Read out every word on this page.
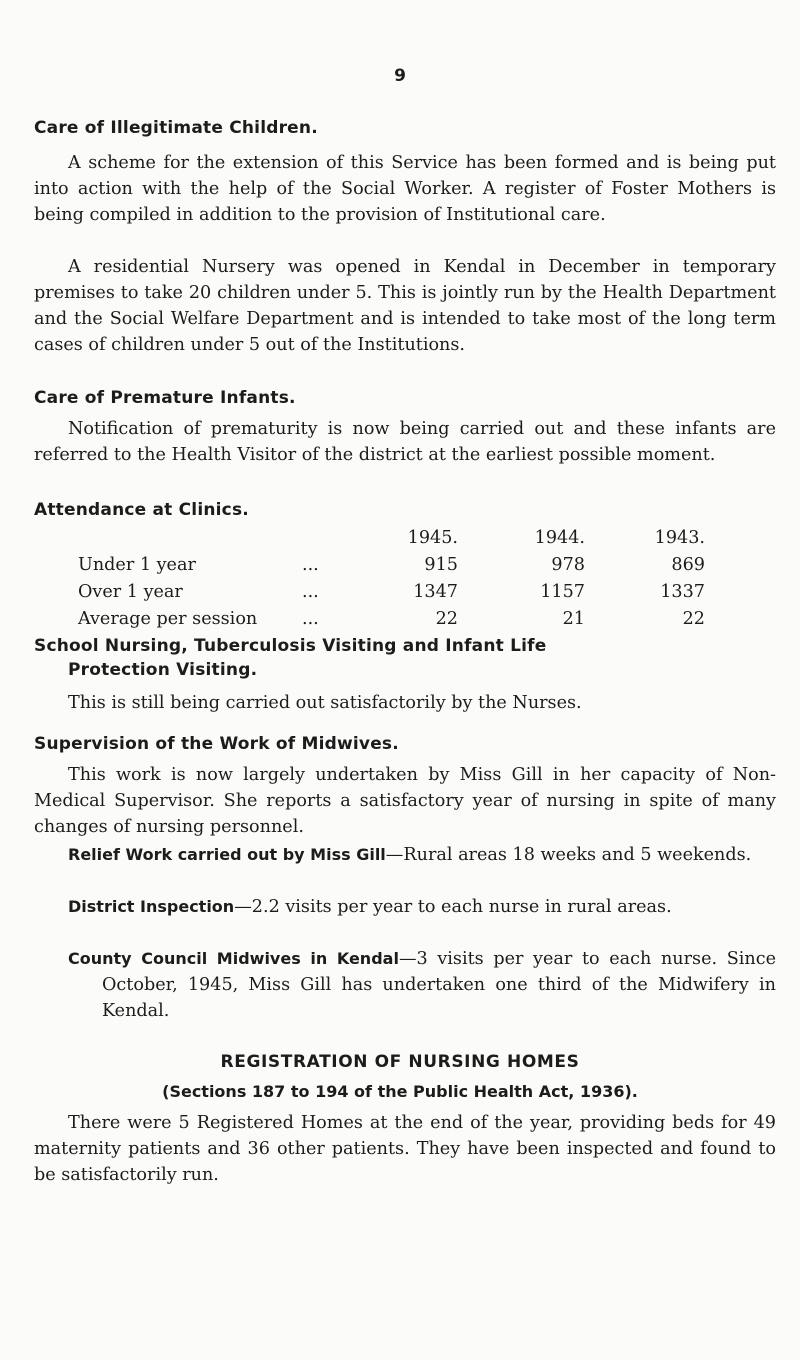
9
Care of Illegitimate Children.

A scheme for the extension of this Service has been formed and is being put into action with the help of the Social Worker. A register of Foster Mothers is being compiled in addition to the provision of Institutional care.

A residential Nursery was opened in Kendal in December in temporary premises to take 20 children under 5. This is jointly run by the Health Department and the Social Welfare Department and is intended to take most of the long term cases of children under 5 out of the Institutions.

Care of Premature Infants.

Notification of prematurity is now being carried out and these infants are referred to the Health Visitor of the district at the earliest possible moment.

Attendance at Clinics.
		1945.	1944.	1943.
Under 1 year	...	915	978	869
Over 1 year	...	1347	1157	1337
Average per session	...	22	21	22
School Nursing, Tuberculosis Visiting and Infant Life
Protection Visiting.

This is still being carried out satisfactorily by the Nurses.

Supervision of the Work of Midwives.

This work is now largely undertaken by Miss Gill in her capacity of Non-Medical Supervisor. She reports a satisfactory year of nursing in spite of many changes of nursing personnel.

Relief Work carried out by Miss Gill—Rural areas 18 weeks and 5 weekends.
District Inspection—2.2 visits per year to each nurse in rural areas.
County Council Midwives in Kendal—3 visits per year to each nurse. Since October, 1945, Miss Gill has undertaken one third of the Midwifery in Kendal.
REGISTRATION OF NURSING HOMES
(Sections 187 to 194 of the Public Health Act, 1936).

There were 5 Registered Homes at the end of the year, providing beds for 49 maternity patients and 36 other patients. They have been inspected and found to be satisfactorily run.
